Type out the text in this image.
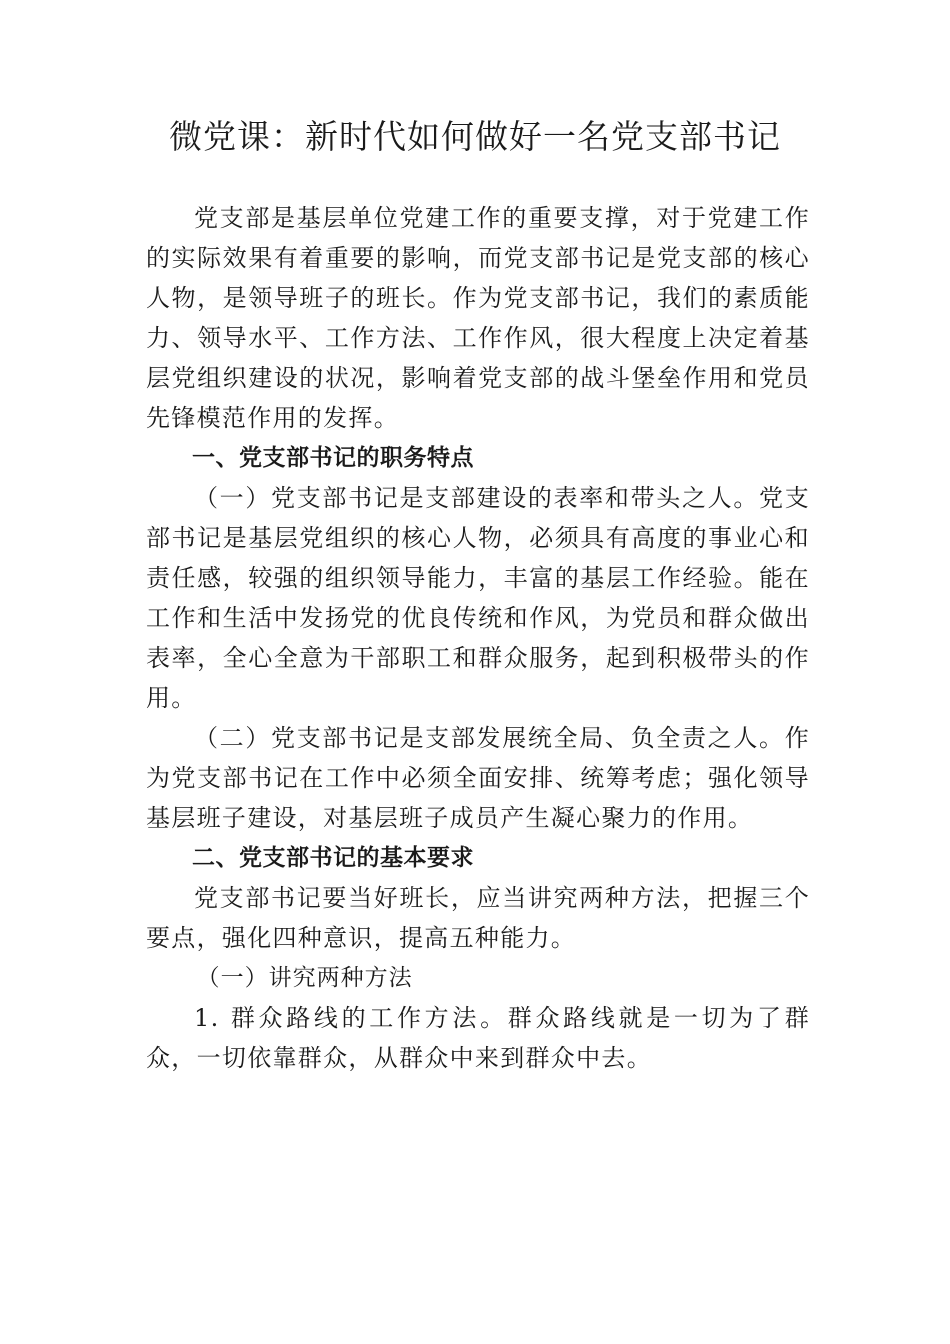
微党课：新时代如何做好一名党支部书记

党支部是基层单位党建工作的重要支撑，对于党建工作的实际效果有着重要的影响，而党支部书记是党支部的核心人物，是领导班子的班长。作为党支部书记，我们的素质能力、领导水平、工作方法、工作作风，很大程度上决定着基层党组织建设的状况，影响着党支部的战斗堡垒作用和党员先锋模范作用的发挥。

一、党支部书记的职务特点

（一）党支部书记是支部建设的表率和带头之人。党支部书记是基层党组织的核心人物，必须具有高度的事业心和责任感，较强的组织领导能力，丰富的基层工作经验。能在工作和生活中发扬党的优良传统和作风，为党员和群众做出表率，全心全意为干部职工和群众服务，起到积极带头的作用。

（二）党支部书记是支部发展统全局、负全责之人。作为党支部书记在工作中必须全面安排、统筹考虑；强化领导基层班子建设，对基层班子成员产生凝心聚力的作用。

二、党支部书记的基本要求

党支部书记要当好班长，应当讲究两种方法，把握三个要点，强化四种意识，提高五种能力。

（一）讲究两种方法

1. 群众路线的工作方法。群众路线就是一切为了群众，一切依靠群众，从群众中来到群众中去。
